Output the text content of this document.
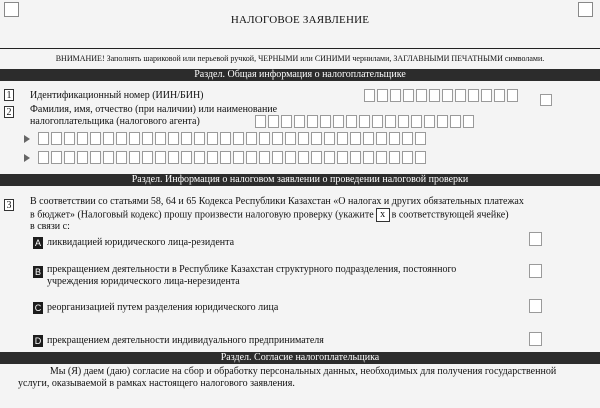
НАЛОГОВОЕ ЗАЯВЛЕНИЕ
ВНИМАНИЕ! Заполнять шариковой или перьевой ручкой, ЧЕРНЫМИ или СИНИМИ чернилами, ЗАГЛАВНЫМИ ПЕЧАТНЫМИ символами.
Раздел. Общая информация о налогоплательщике
1 Идентификационный номер (ИИН/БИН)
2 Фамилия, имя, отчество (при наличии) или наименование
налогоплательщика (налогового агента)
Раздел. Информация о налоговом заявлении о проведении налоговой проверки
3 В соответствии со статьями 58, 64 и 65 Кодекса Республики Казахстан «О налогах и других обязательных платежах
в бюджет» (Налоговый кодекс) прошу произвести налоговую проверку (укажите x в соответствующей ячейке)
в связи с:
A ликвидацией юридического лица-резидента
B прекращением деятельности в Республике Казахстан структурного подразделения, постоянного
учреждения юридического лица-нерезидента
C реорганизацией путем разделения юридического лица
D прекращением деятельности индивидуального предпринимателя
Раздел. Согласие налогоплательщика
Мы (Я) даем (даю) согласие на сбор и обработку персональных данных, необходимых для получения государственной
услуги, оказываемой в рамках настоящего налогового заявления.
